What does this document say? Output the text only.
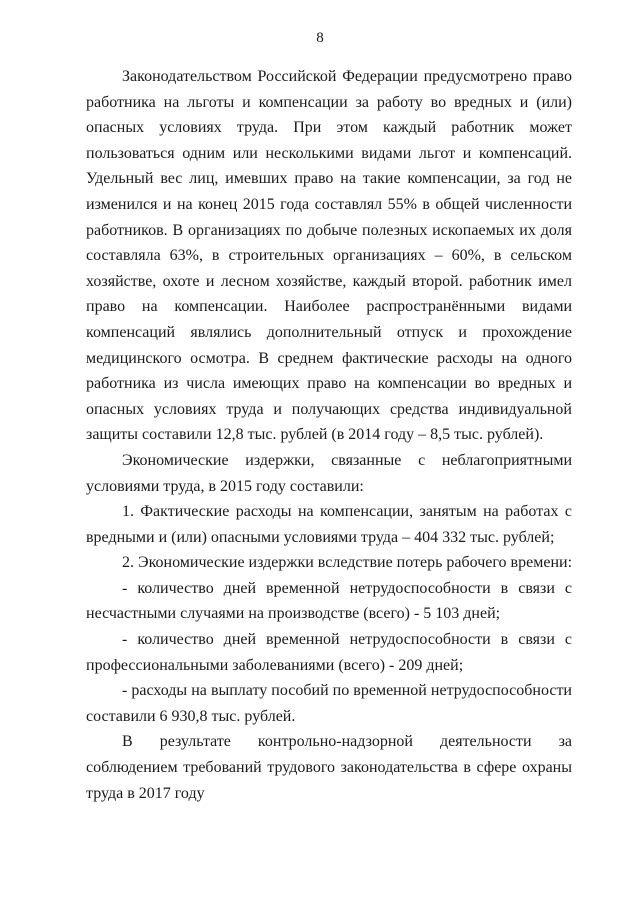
8

Законодательством Российской Федерации предусмотрено право работника на льготы и компенсации за работу во вредных и (или) опасных условиях труда. При этом каждый работник может пользоваться одним или несколькими видами льгот и компенсаций. Удельный вес лиц, имевших право на такие компенсации, за год не изменился и на конец 2015 года составлял 55% в общей численности работников. В организациях по добыче полезных ископаемых их доля составляла 63%, в строительных организациях – 60%, в сельском хозяйстве, охоте и лесном хозяйстве, каждый второй. работник имел право на компенсации. Наиболее распространёнными видами компенсаций являлись дополнительный отпуск и прохождение медицинского осмотра. В среднем фактические расходы на одного работника из числа имеющих право на компенсации во вредных и опасных условиях труда и получающих средства индивидуальной защиты составили 12,8 тыс. рублей (в 2014 году – 8,5 тыс. рублей).

Экономические издержки, связанные с неблагоприятными условиями труда, в 2015 году составили:

1. Фактические расходы на компенсации, занятым на работах с вредными и (или) опасными условиями труда – 404 332 тыс. рублей;

2. Экономические издержки вследствие потерь рабочего времени:

- количество дней временной нетрудоспособности в связи с несчастными случаями на производстве (всего) - 5 103 дней;

- количество дней временной нетрудоспособности в связи с профессиональными заболеваниями (всего) - 209 дней;

- расходы на выплату пособий по временной нетрудоспособности составили 6 930,8 тыс. рублей.

В результате контрольно-надзорной деятельности за соблюдением требований трудового законодательства в сфере охраны труда в 2017 году
